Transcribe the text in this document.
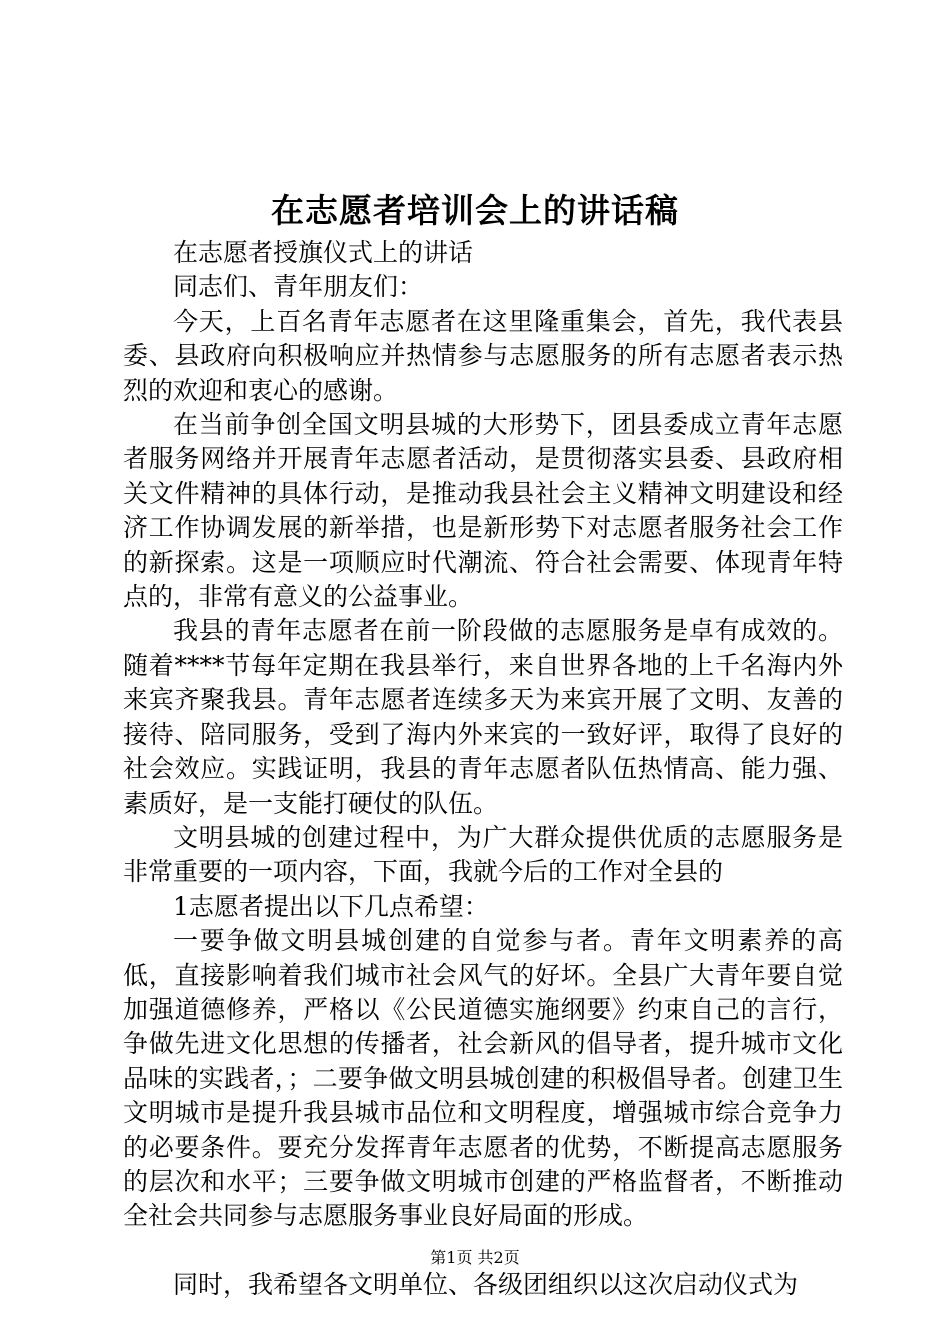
在志愿者培训会上的讲话稿

在志愿者授旗仪式上的讲话

同志们、青年朋友们：

今天，上百名青年志愿者在这里隆重集会，首先，我代表县委、县政府向积极响应并热情参与志愿服务的所有志愿者表示热烈的欢迎和衷心的感谢。

在当前争创全国文明县城的大形势下，团县委成立青年志愿者服务网络并开展青年志愿者活动，是贯彻落实县委、县政府相关文件精神的具体行动，是推动我县社会主义精神文明建设和经济工作协调发展的新举措，也是新形势下对志愿者服务社会工作的新探索。这是一项顺应时代潮流、符合社会需要、体现青年特点的，非常有意义的公益事业。

我县的青年志愿者在前一阶段做的志愿服务是卓有成效的。随着****节每年定期在我县举行，来自世界各地的上千名海内外来宾齐聚我县。青年志愿者连续多天为来宾开展了文明、友善的接待、陪同服务，受到了海内外来宾的一致好评，取得了良好的社会效应。实践证明，我县的青年志愿者队伍热情高、能力强、素质好，是一支能打硬仗的队伍。

文明县城的创建过程中，为广大群众提供优质的志愿服务是非常重要的一项内容，下面，我就今后的工作对全县的

1志愿者提出以下几点希望：

一要争做文明县城创建的自觉参与者。青年文明素养的高低，直接影响着我们城市社会风气的好坏。全县广大青年要自觉加强道德修养，严格以《公民道德实施纲要》约束自己的言行，争做先进文化思想的传播者，社会新风的倡导者，提升城市文化品味的实践者，；二要争做文明县城创建的积极倡导者。创建卫生文明城市是提升我县城市品位和文明程度，增强城市综合竞争力的必要条件。要充分发挥青年志愿者的优势，不断提高志愿服务的层次和水平；三要争做文明城市创建的严格监督者，不断推动全社会共同参与志愿服务事业良好局面的形成。

同时，我希望各文明单位、各级团组织以这次启动仪式为

第1页 共2页
